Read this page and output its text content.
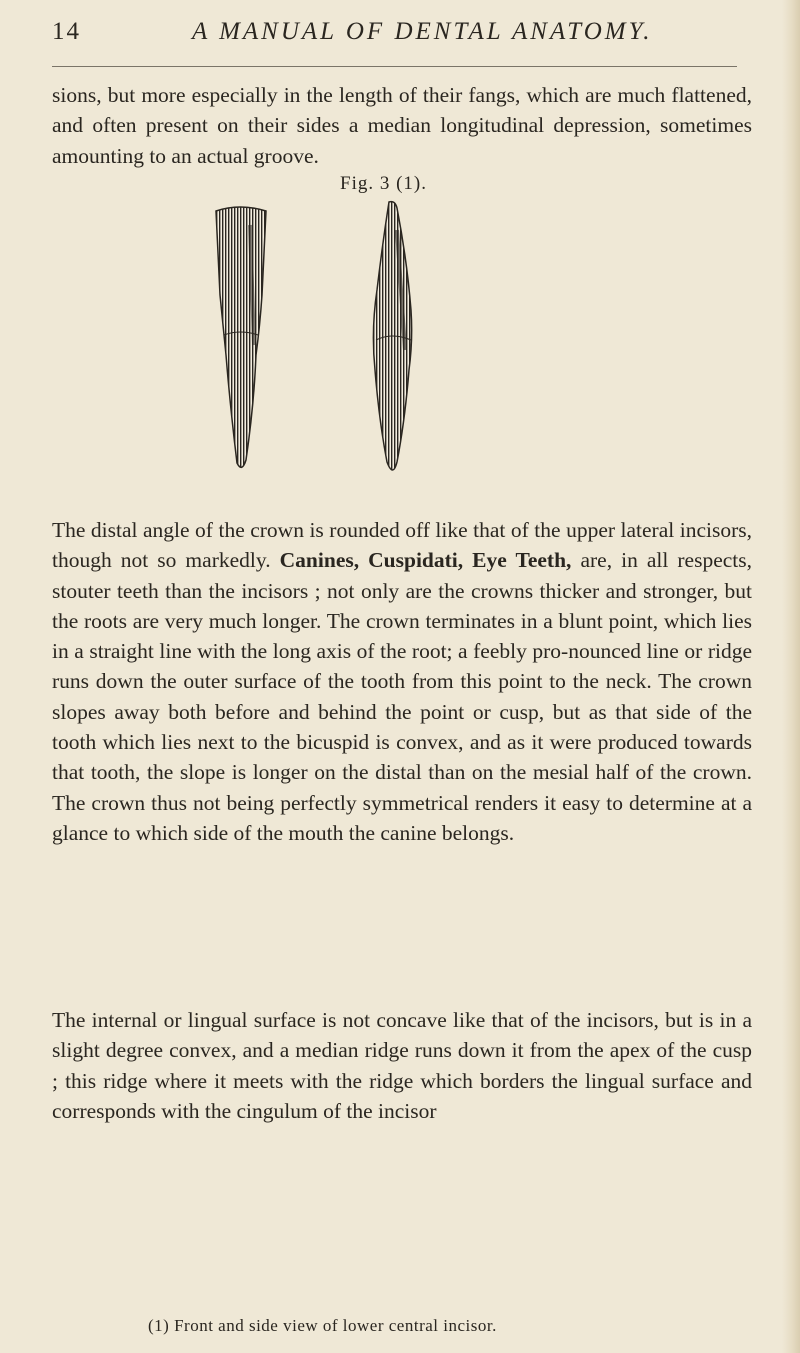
14	A MANUAL OF DENTAL ANATOMY.

sions, but more especially in the length of their fangs, which are much flattened, and often present on their sides a median longitudinal depression, sometimes amounting to an actual groove.

Fig. 3 (1).

The distal angle of the crown is rounded off like that of the upper lateral incisors, though not so markedly. Canines, Cuspidati, Eye Teeth, are, in all respects, stouter teeth than the incisors ; not only are the crowns thicker and stronger, but the roots are very much longer. The crown terminates in a blunt point, which lies in a straight line with the long axis of the root; a feebly pro-nounced line or ridge runs down the outer surface of the tooth from this point to the neck. The crown slopes away both before and behind the point or cusp, but as that side of the tooth which lies next to the bicuspid is convex, and as it were produced towards that tooth, the slope is longer on the distal than on the mesial half of the crown. The crown thus not being perfectly symmetrical renders it easy to determine at a glance to which side of the mouth the canine belongs.

The internal or lingual surface is not concave like that of the incisors, but is in a slight degree convex, and a median ridge runs down it from the apex of the cusp ; this ridge where it meets with the ridge which borders the lingual surface and corresponds with the cingulum of the incisor

(1) Front and side view of lower central incisor.
